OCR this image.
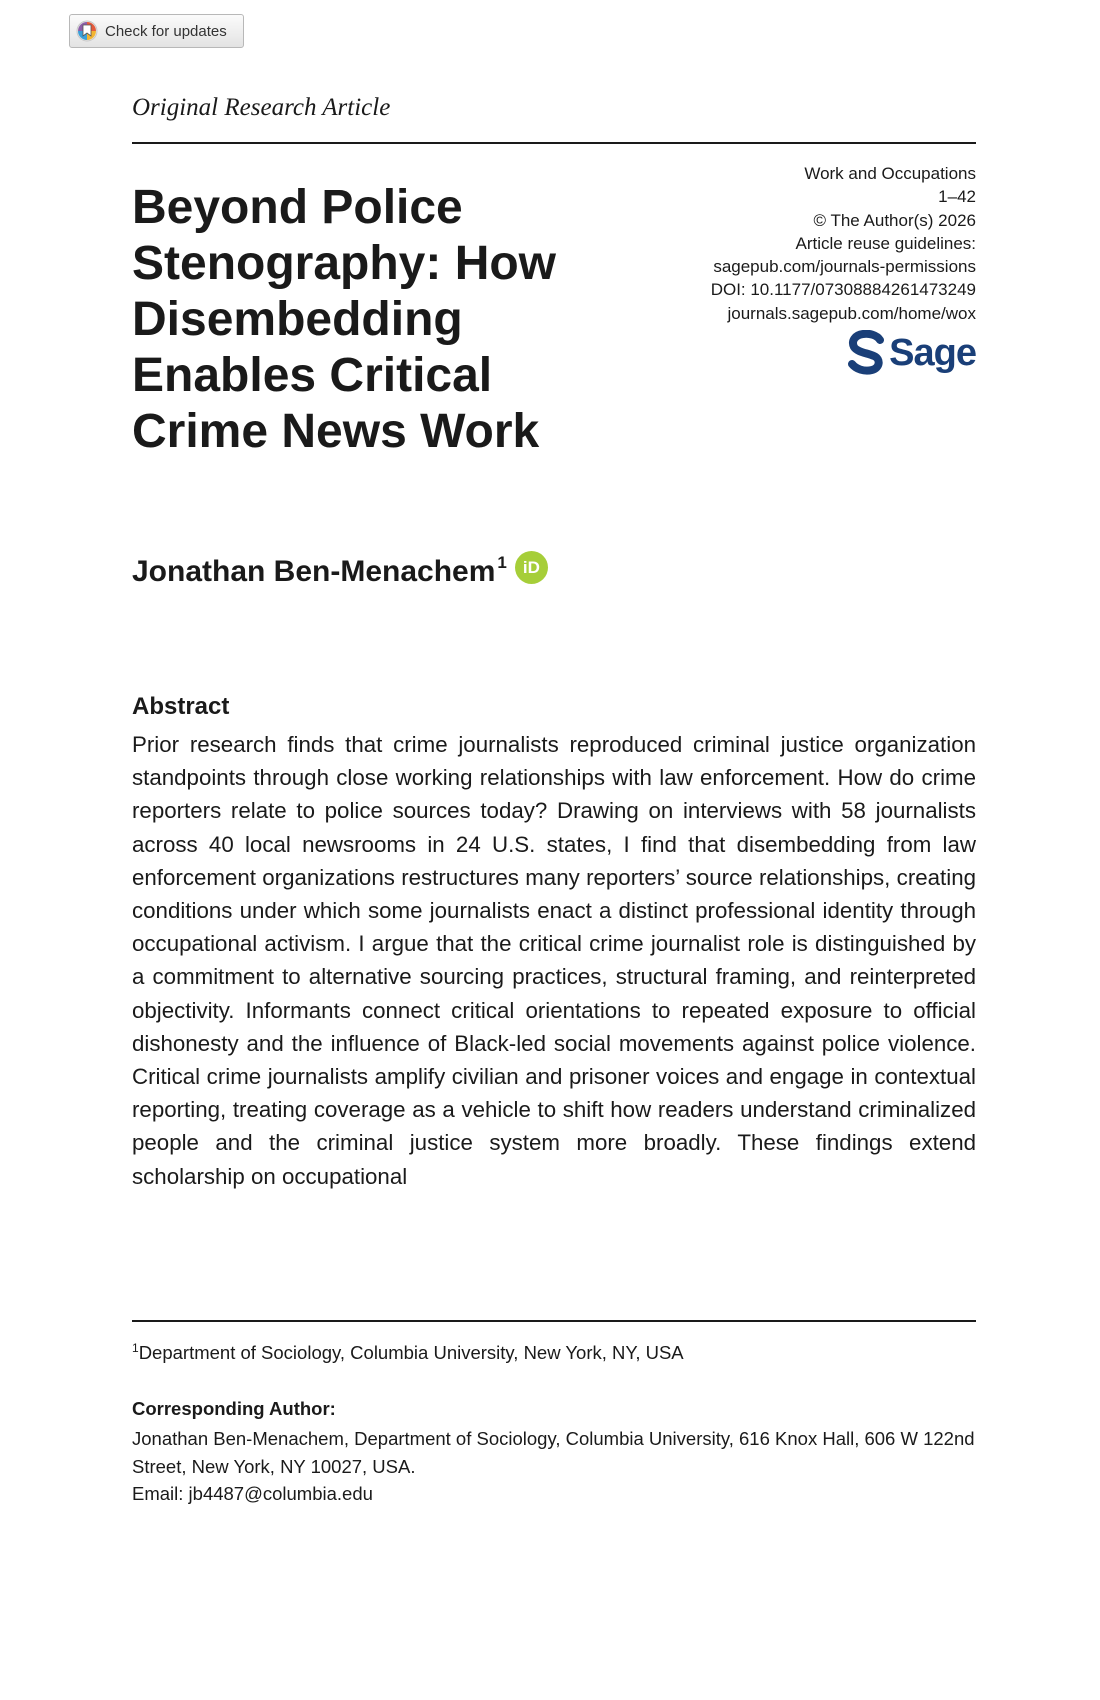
Check for updates
Original Research Article
Beyond Police Stenography: How Disembedding Enables Critical Crime News Work
Work and Occupations
1–42
© The Author(s) 2026
Article reuse guidelines:
sagepub.com/journals-permissions
DOI: 10.1177/07308884261473249
journals.sagepub.com/home/wox
Sage
Jonathan Ben-Menachem$^1$ iD
Abstract

Prior research finds that crime journalists reproduced criminal justice organization standpoints through close working relationships with law enforcement. How do crime reporters relate to police sources today? Drawing on interviews with 58 journalists across 40 local newsrooms in 24 U.S. states, I find that disembedding from law enforcement organizations restructures many reporters’ source relationships, creating conditions under which some journalists enact a distinct professional identity through occupational activism. I argue that the critical crime journalist role is distinguished by a commitment to alternative sourcing practices, structural framing, and reinterpreted objectivity. Informants connect critical orientations to repeated exposure to official dishonesty and the influence of Black-led social movements against police violence. Critical crime journalists amplify civilian and prisoner voices and engage in contextual reporting, treating coverage as a vehicle to shift how readers understand criminalized people and the criminal justice system more broadly. These findings extend scholarship on occupational

$^1$Department of Sociology, Columbia University, New York, NY, USA
Corresponding Author:
Jonathan Ben-Menachem, Department of Sociology, Columbia University, 616 Knox Hall, 606 W 122nd Street, New York, NY 10027, USA.
Email: jb4487@columbia.edu
